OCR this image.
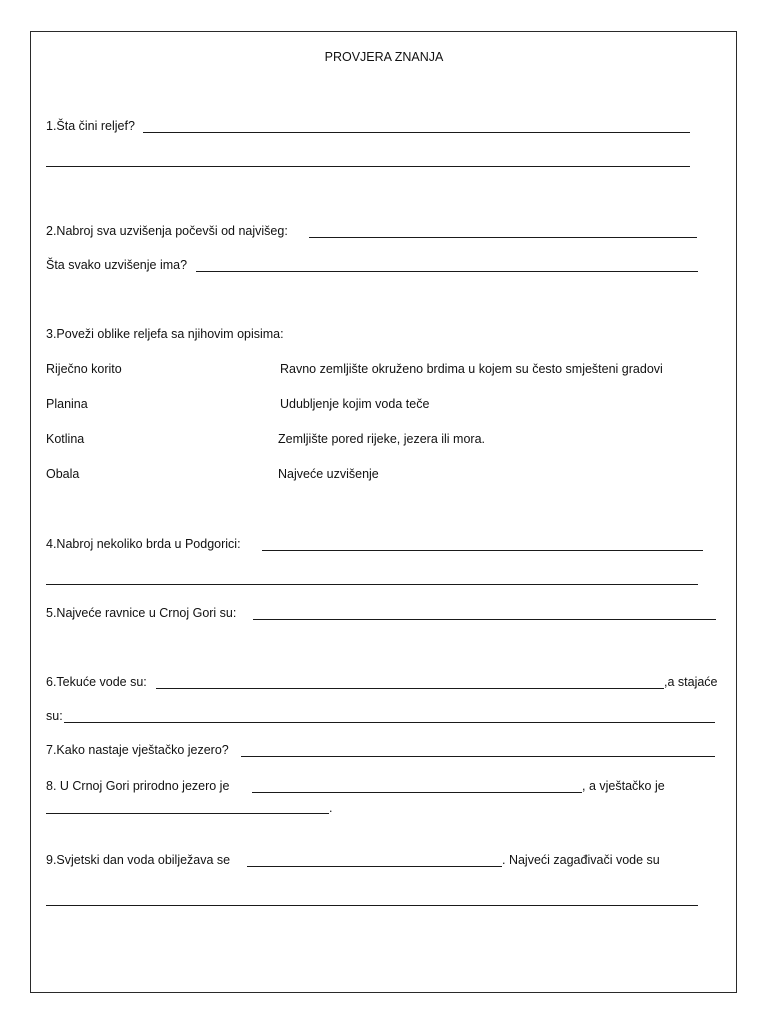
PROVJERA ZNANJA
1.Šta čini reljef?
2.Nabroj sva uzvišenja počevši od najvišeg:
Šta svako uzvišenje ima?
3.Poveži oblike reljefa sa njihovim opisima:
Riječno korito	Ravno zemljište okruženo brdima u kojem su često smješteni gradovi
Planina	Udubljenje kojim voda teče
Kotlina	Zemljište pored rijeke, jezera ili mora.
Obala	Najveće uzvišenje
4.Nabroj nekoliko brda u Podgorici:
5.Najveće ravnice u Crnoj Gori su:
6.Tekuće vode su:	,a stajaće
su:
7.Kako nastaje vještačko jezero?
8. U Crnoj Gori prirodno jezero je	, a vještačko je
.
9.Svjetski dan voda obilježava se	. Najveći zagađivači vode su
